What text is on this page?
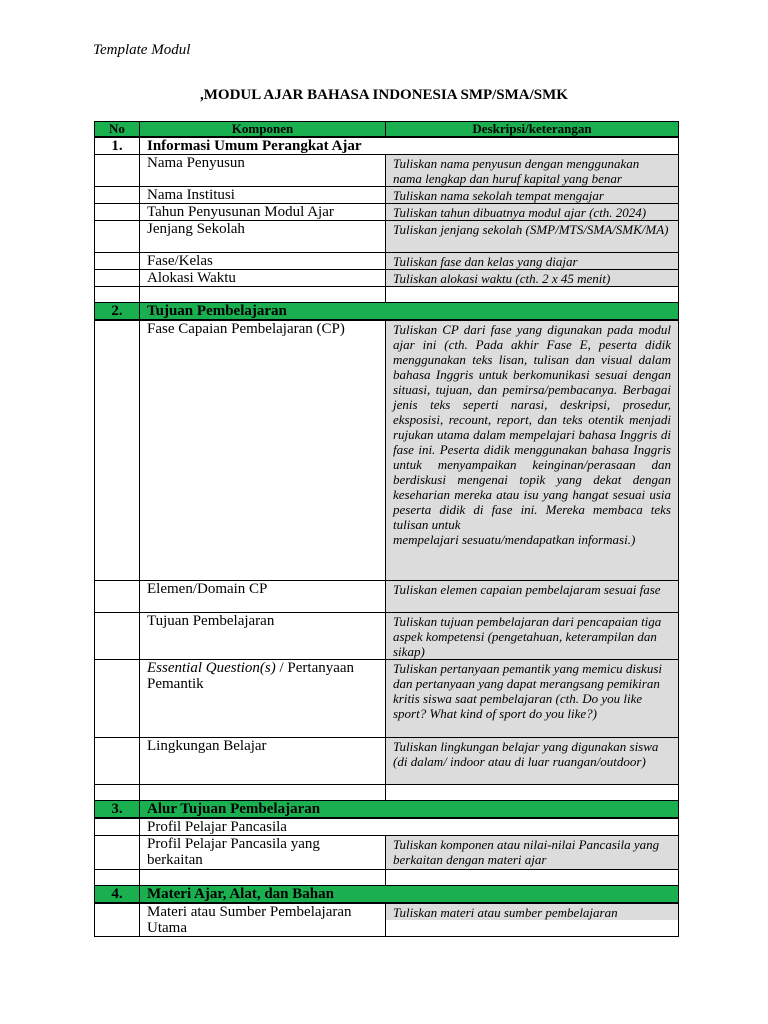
Template Modul
,MODUL AJAR BAHASA INDONESIA SMP/SMA/SMK
No	Komponen	Deskripsi/keterangan
1.	Informasi Umum Perangkat Ajar	
	Nama Penyusun	Tuliskan nama penyusun dengan menggunakan nama lengkap dan huruf kapital yang benar
	Nama Institusi	Tuliskan nama sekolah tempat mengajar
	Tahun Penyusunan Modul Ajar	Tuliskan tahun dibuatnya modul ajar (cth. 2024)
	Jenjang Sekolah	Tuliskan jenjang sekolah (SMP/MTS/SMA/SMK/MA)
	Fase/Kelas	Tuliskan fase dan kelas yang diajar
	Alokasi Waktu	Tuliskan alokasi waktu (cth. 2 x 45 menit)

2.	Tujuan Pembelajaran	
	Fase Capaian Pembelajaran (CP)	Tuliskan CP dari fase yang digunakan pada modul ajar ini (cth. Pada akhir Fase E, peserta didik menggunakan teks lisan, tulisan dan visual dalam bahasa Inggris untuk berkomunikasi sesuai dengan situasi, tujuan, dan pemirsa/pembacanya. Berbagai jenis teks seperti narasi, deskripsi, prosedur, eksposisi, recount, report, dan teks otentik menjadi rujukan utama dalam mempelajari bahasa Inggris di fase ini. Peserta didik menggunakan bahasa Inggris untuk menyampaikan keinginan/perasaan dan berdiskusi mengenai topik yang dekat dengan keseharian mereka atau isu yang hangat sesuai usia peserta didik di fase ini. Mereka membaca teks tulisan untuk
mempelajari sesuatu/mendapatkan informasi.)

	Elemen/Domain CP	Tuliskan elemen capaian pembelajaram sesuai fase
	Tujuan Pembelajaran	Tuliskan tujuan pembelajaran dari pencapaian tiga aspek kompetensi (pengetahuan, keterampilan dan sikap)
	Essential Question(s) / Pertanyaan Pemantik	Tuliskan pertanyaan pemantik yang memicu diskusi dan pertanyaan yang dapat merangsang pemikiran kritis siswa saat pembelajaran (cth. Do you like sport? What kind of sport do you like?)
	Lingkungan Belajar	Tuliskan lingkungan belajar yang digunakan siswa (di dalam/ indoor atau di luar ruangan/outdoor)

3.	Alur Tujuan Pembelajaran	
	Profil Pelajar Pancasila	
	Profil Pelajar Pancasila yang berkaitan	Tuliskan komponen atau nilai-nilai Pancasila yang berkaitan dengan materi ajar

4.	Materi Ajar, Alat, dan Bahan	
	Materi atau Sumber Pembelajaran Utama	Tuliskan materi atau sumber pembelajaran
